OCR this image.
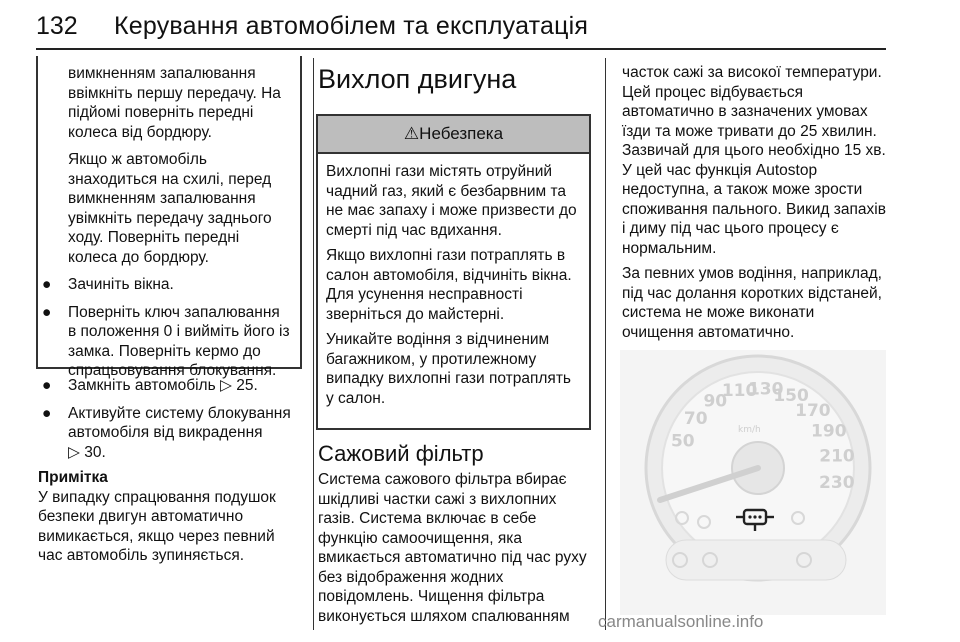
132 Керування автомобілем та експлуатація

вимкненням запалювання ввімкніть першу передачу. На підйомі поверніть передні колеса від бордюру.

Якщо ж автомобіль знаходиться на схилі, перед вимкненням запалювання увімкніть передачу заднього ходу. Поверніть передні колеса до бордюру.

● Зачиніть вікна.
● Поверніть ключ запалювання в положення 0 і вийміть його із замка. Поверніть кермо до спрацьовування блокування.
● Замкніть автомобіль ▷ 25.
● Активуйте систему блокування автомобіля від викрадення
▷ 30.

Примітка

У випадку спрацювання подушок безпеки двигун автоматично вимикається, якщо через певний час автомобіль зупиняється.

Вихлоп двигуна
⚠Небезпека

Вихлопні гази містять отруйний чадний газ, який є безбарвним та не має запаху і може призвести до смерті під час вдихання.

Якщо вихлопні гази потраплять в салон автомобіля, відчиніть вікна. Для усунення несправності зверніться до майстерні.

Уникайте водіння з відчиненим багажником, у протилежному випадку вихлопні гази потраплять у салон.

Сажовий фільтр

Система сажового фільтра вбирає шкідливі частки сажі з вихлопних газів. Система включає в себе функцію самоочищення, яка вмикається автоматично під час руху без відображення жодних повідомлень. Чищення фільтра виконується шляхом спалюванням

часток сажі за високої температури. Цей процес відбувається автоматично в зазначених умовах їзди та може тривати до 25 хвилин. Зазвичай для цього необхідно 15 хв. У цей час функція Autostop недоступна, а також може зрости споживання пального. Викид запахів і диму під час цього процесу є нормальним.

За певних умов водіння, наприклад, під час долання коротких відстаней, система не може виконати очищення автоматично.

50
70
90
110
130
150
170
190
210
230
km/h
carmanualsonline.info
